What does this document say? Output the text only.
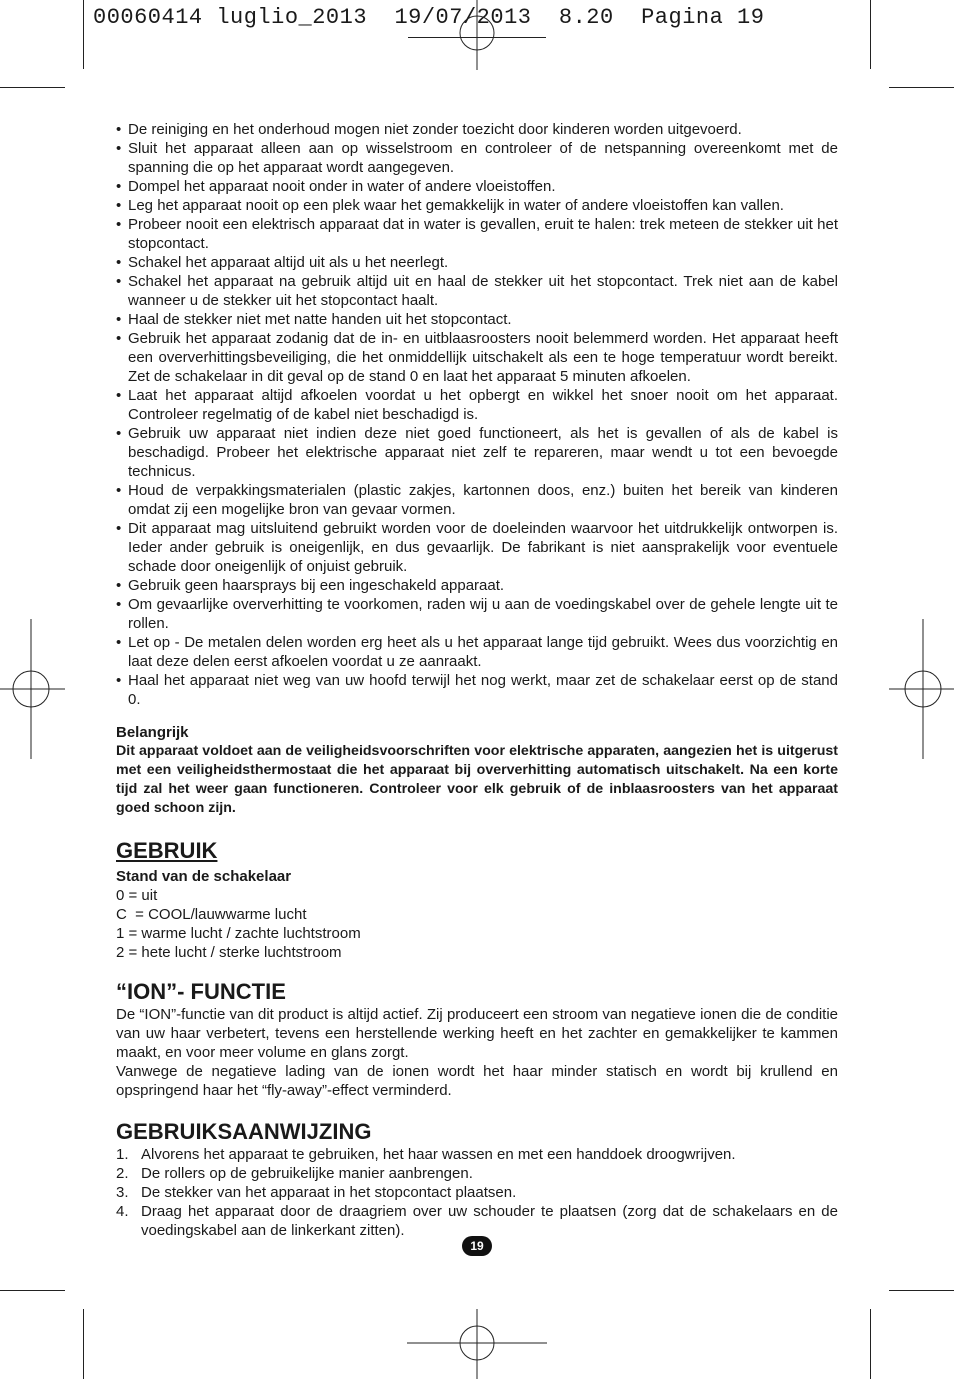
00060414 luglio_2013  19/07/2013  8.20  Pagina 19
• De reiniging en het onderhoud mogen niet zonder toezicht door kinderen worden uitgevoerd.
• Sluit het apparaat alleen aan op wisselstroom en controleer of de netspanning overeenkomt met de spanning die op het apparaat wordt aangegeven.
• Dompel het apparaat nooit onder in water of andere vloeistoffen.
• Leg het apparaat nooit op een plek waar het gemakkelijk in water of andere vloeistoffen kan vallen.
• Probeer nooit een elektrisch apparaat dat in water is gevallen, eruit te halen: trek meteen de stekker uit het stopcontact.
• Schakel het apparaat altijd uit als u het neerlegt.
• Schakel het apparaat na gebruik altijd uit en haal de stekker uit het stopcontact. Trek niet aan de kabel wanneer u de stekker uit het stopcontact haalt.
• Haal de stekker niet met natte handen uit het stopcontact.
• Gebruik het apparaat zodanig dat de in- en uitblaasroosters nooit belemmerd worden. Het apparaat heeft een oververhittingsbeveiliging, die het onmiddellijk uitschakelt als een te hoge temperatuur wordt bereikt. Zet de schakelaar in dit geval op de stand 0 en laat het apparaat 5 minuten afkoelen.
• Laat het apparaat altijd afkoelen voordat u het opbergt en wikkel het snoer nooit om het apparaat. Controleer regelmatig of de kabel niet beschadigd is.
• Gebruik uw apparaat niet indien deze niet goed functioneert, als het is gevallen of als de kabel is beschadigd. Probeer het elektrische apparaat niet zelf te repareren, maar wendt u tot een bevoegde technicus.
• Houd de verpakkingsmaterialen (plastic zakjes, kartonnen doos, enz.) buiten het bereik van kinderen omdat zij een mogelijke bron van gevaar vormen.
• Dit apparaat mag uitsluitend gebruikt worden voor de doeleinden waarvoor het uitdrukkelijk ontworpen is. Ieder ander gebruik is oneigenlijk, en dus gevaarlijk. De fabrikant is niet aansprakelijk voor eventuele schade door oneigenlijk of onjuist gebruik.
• Gebruik geen haarsprays bij een ingeschakeld apparaat.
• Om gevaarlijke oververhitting te voorkomen, raden wij u aan de voedingskabel over de gehele lengte uit te rollen.
• Let op - De metalen delen worden erg heet als u het apparaat lange tijd gebruikt. Wees dus voorzichtig en laat deze delen eerst afkoelen voordat u ze aanraakt.
• Haal het apparaat niet weg van uw hoofd terwijl het nog werkt, maar zet de schakelaar eerst op de stand 0.
Belangrijk
Dit apparaat voldoet aan de veiligheidsvoorschriften voor elektrische apparaten, aangezien het is uitgerust met een veiligheidsthermostaat die het apparaat bij oververhitting automatisch uitschakelt. Na een korte tijd zal het weer gaan functioneren. Controleer voor elk gebruik of de inblaasroosters van het apparaat goed schoon zijn.
GEBRUIK
Stand van de schakelaar
0 = uit
C  = COOL/lauwwarme lucht
1 = warme lucht / zachte luchtstroom
2 = hete lucht / sterke luchtstroom
“ION”- FUNCTIE
De “ION”-functie van dit product is altijd actief. Zij produceert een stroom van negatieve ionen die de conditie van uw haar verbetert, tevens een herstellende werking heeft en het zachter en gemakkelijker te kammen maakt, en voor meer volume en glans zorgt.
Vanwege de negatieve lading van de ionen wordt het haar minder statisch en wordt bij krullend en opspringend haar het “fly-away”-effect verminderd.
GEBRUIKSAANWIJZING
1. Alvorens het apparaat te gebruiken, het haar wassen en met een handdoek droogwrijven.
2. De rollers op de gebruikelijke manier aanbrengen.
3. De stekker van het apparaat in het stopcontact plaatsen.
4. Draag het apparaat door de draagriem over uw schouder te plaatsen (zorg dat de schakelaars en de voedingskabel aan de linkerkant zitten).
19
